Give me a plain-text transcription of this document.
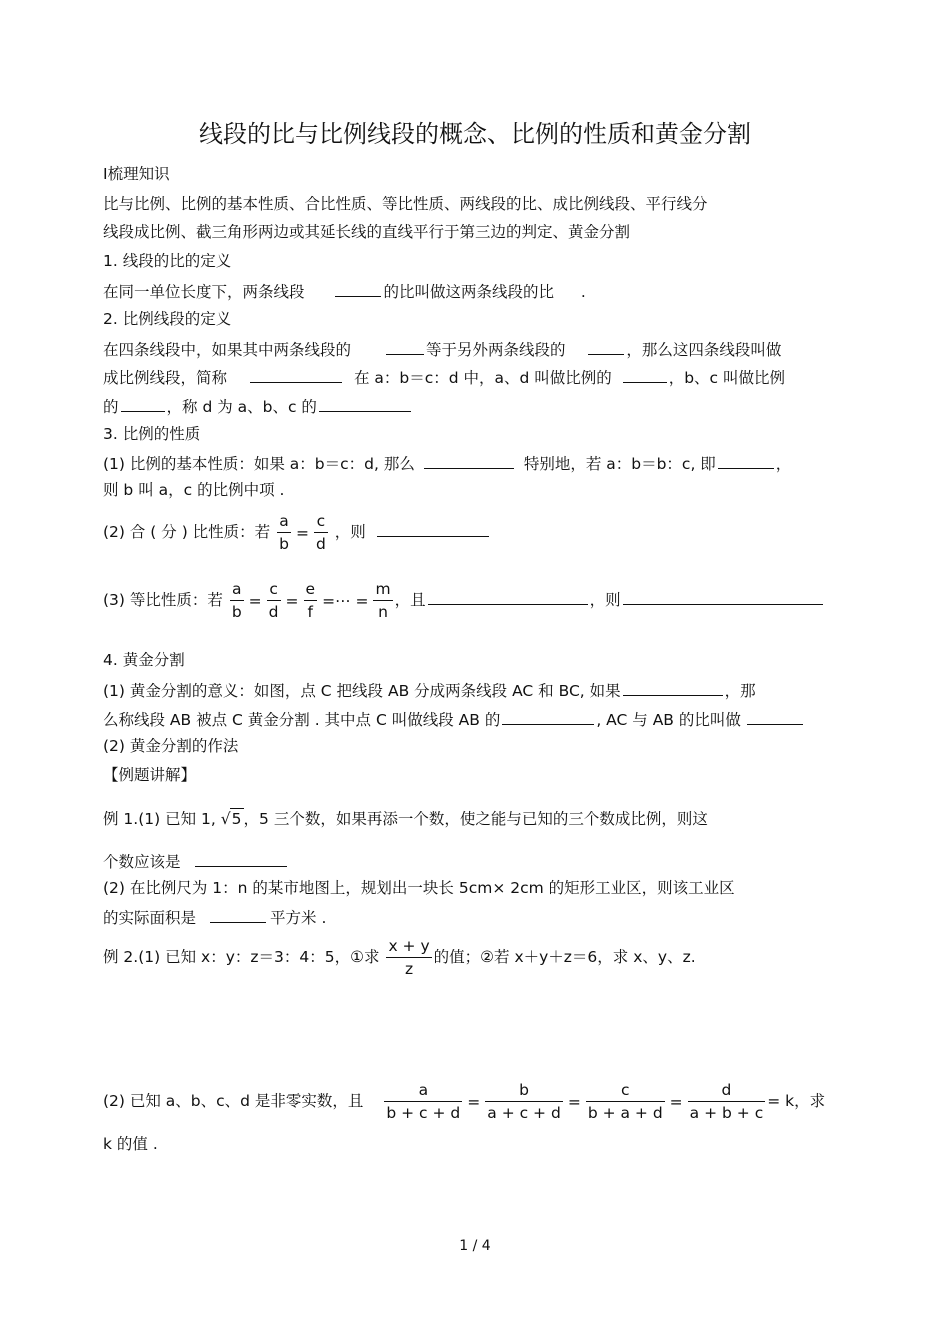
线段的比与比例线段的概念、比例的性质和黄金分割
Ⅰ梳理知识
比与比例、比例的基本性质、合比性质、等比性质、两线段的比、成比例线段、平行线分
线段成比例、截三角形两边或其延长线的直线平行于第三边的判定、黄金分割
1. 线段的比的定义
在同一单位长度下，两条线段	的比叫做这两条线段的比 .
2. 比例线段的定义
在四条线段中，如果其中两条线段的	等于另外两条线段的	，那么这四条线段叫做
成比例线段，简称	在 a：b＝c：d 中，a、d 叫做比例的	，b、c 叫做比例
的	，称 d 为 a、b、c 的
3. 比例的性质
(1) 比例的基本性质：如果 a：b＝c：d, 那么	特别地，若 a：b＝b：c, 即	，
则 b 叫 a，c 的比例中项 .
(2) 合 ( 分 ) 比性质：若 $\frac{a}{b} = \frac{c}{d}$ ，则
(3) 等比性质：若 $\frac{a}{b} = \frac{c}{d} = \frac{e}{f}$ =⋯ = $\frac{m}{n}$ ，且	，则
4. 黄金分割
(1) 黄金分割的意义：如图，点 C 把线段 AB 分成两条线段 AC 和 BC, 如果	，那
么称线段 AB 被点 C 黄金分割 . 其中点 C 叫做线段 AB 的	, AC 与 AB 的比叫做
(2) 黄金分割的作法
【例题讲解】
例 1.(1) 已知 1, √5 ，5 三个数，如果再添一个数，使之能与已知的三个数成比例，则这
个数应该是
(2) 在比例尺为 1：n 的某市地图上，规划出一块长 5cm× 2cm 的矩形工业区，则该工业区
的实际面积是	平方米 .
例 2.(1) 已知 x：y：z＝3：4：5，①求 $\frac{x + y}{z}$ 的值；②若 x＋y＋z＝6，求 x、y、z.
(2) 已知 a、b、c、d 是非零实数，且 $\frac{a}{b + c + d} = \frac{b}{a + c + d} = \frac{c}{b + a + d} = \frac{d}{a + b + c} = k$，求
k 的值 .
1 / 4
